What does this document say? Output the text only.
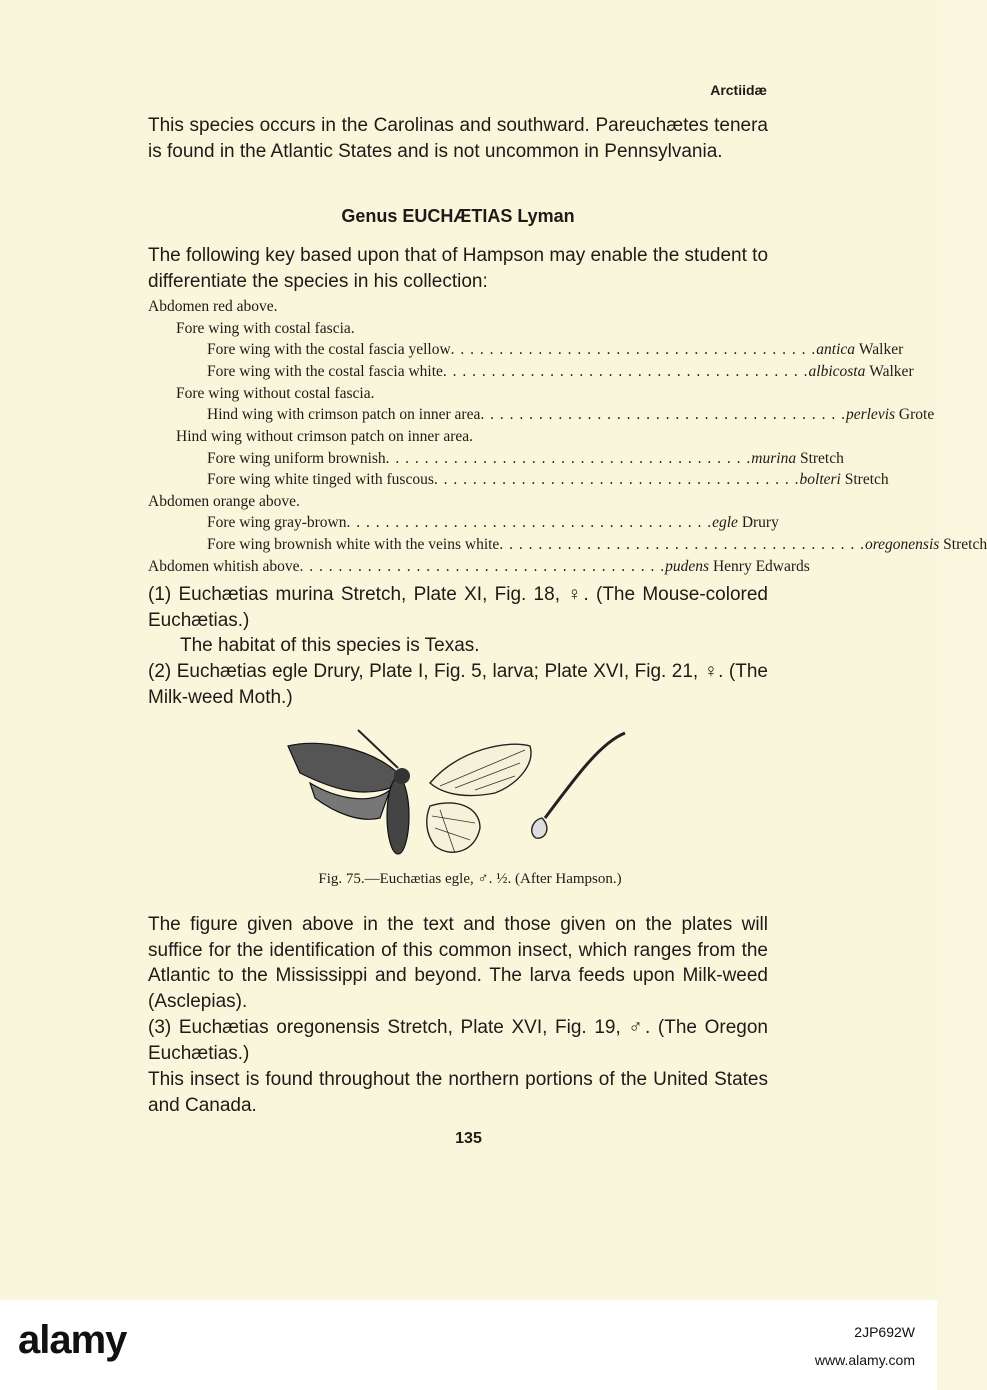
Arctiidæ

This species occurs in the Carolinas and southward. Pareuchætes tenera is found in the Atlantic States and is not uncommon in Pennsylvania.

Genus EUCHÆTIAS Lyman

The following key based upon that of Hampson may enable the student to differentiate the species in his collection:

Abdomen red above.
Fore wing with costal fascia.
Fore wing with the costal fascia yellow . . . . . . . . . . . . . . . . . . . . . . . . . . . . . . . . . . . . . . antica Walker
Fore wing with the costal fascia white . . . . . . . . . . . . . . . . . . . . . . . . . . . . . . . . . . . . . . albicosta Walker
Fore wing without costal fascia.
Hind wing with crimson patch on inner area . . . . . . . . . . . . . . . . . . . . . . . . . . . . . . . . . . . . . . perlevis Grote
Hind wing without crimson patch on inner area.
Fore wing uniform brownish . . . . . . . . . . . . . . . . . . . . . . . . . . . . . . . . . . . . . . murina Stretch
Fore wing white tinged with fuscous . . . . . . . . . . . . . . . . . . . . . . . . . . . . . . . . . . . . . . bolteri Stretch
Abdomen orange above.
Fore wing gray-brown . . . . . . . . . . . . . . . . . . . . . . . . . . . . . . . . . . . . . . egle Drury
Fore wing brownish white with the veins white . . . . . . . . . . . . . . . . . . . . . . . . . . . . . . . . . . . . . . oregonensis Stretch
Abdomen whitish above . . . . . . . . . . . . . . . . . . . . . . . . . . . . . . . . . . . . . . pudens Henry Edwards

(1) Euchætias murina Stretch, Plate XI, Fig. 18, ♀. (The Mouse-colored Euchætias.)

The habitat of this species is Texas.

(2) Euchætias egle Drury, Plate I, Fig. 5, larva; Plate XVI, Fig. 21, ♀. (The Milk-weed Moth.)

Fig. 75.—Euchætias egle, ♂. ½. (After Hampson.)

The figure given above in the text and those given on the plates will suffice for the identification of this common insect, which ranges from the Atlantic to the Mississippi and beyond. The larva feeds upon Milk-weed (Asclepias).

(3) Euchætias oregonensis Stretch, Plate XVI, Fig. 19, ♂. (The Oregon Euchætias.)

This insect is found throughout the northern portions of the United States and Canada.

135
alamy	2JP692W
www.alamy.com
